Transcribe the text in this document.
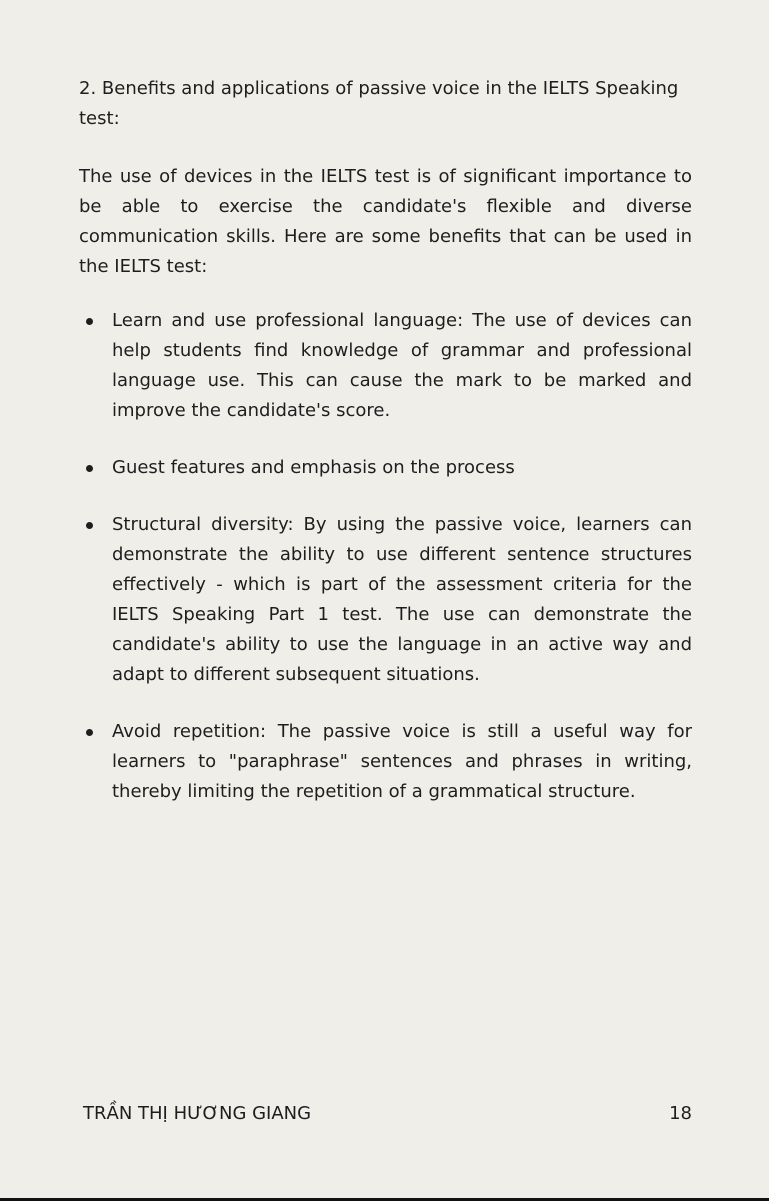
2. Benefits and applications of passive voice in the IELTS Speaking test:

The use of devices in the IELTS test is of significant importance to be able to exercise the candidate's flexible and diverse communication skills. Here are some benefits that can be used in the IELTS test:

Learn and use professional language: The use of devices can help students find knowledge of grammar and professional language use. This can cause the mark to be marked and improve the candidate's score.
Guest features and emphasis on the process
Structural diversity: By using the passive voice, learners can demonstrate the ability to use different sentence structures effectively - which is part of the assessment criteria for the IELTS Speaking Part 1 test. The use can demonstrate the candidate's ability to use the language in an active way and adapt to different subsequent situations.
Avoid repetition: The passive voice is still a useful way for learners to "paraphrase" sentences and phrases in writing, thereby limiting the repetition of a grammatical structure.
TRẦN THỊ HƯƠNG GIANG	18
